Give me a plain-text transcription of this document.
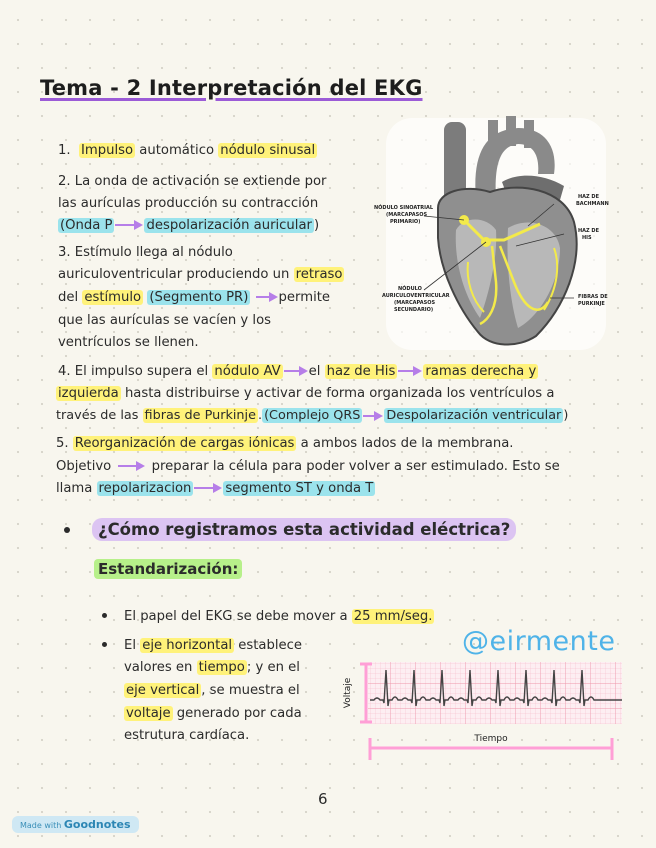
Tema - 2 Interpretación del EKG
1. Impulso automático nódulo sinusal
2. La onda de activación se extiende por
las aurículas producción su contracción
(Onda P	despolarización auricular )
3. Estímulo llega al nódulo
auriculoventricular produciendo un retraso
del estímulo (Segmento PR) permite
que las aurículas se vacíen y los
ventrículos se llenen.
4. El impulso supera el nódulo AV el haz de His ramas derecha y
izquierda hasta distribuirse y activar de forma organizada los ventrículos a
través de las fibras de Purkinje . (Complejo QRS Despolarización ventricular )
5. Reorganización de cargas iónicas a ambos lados de la membrana.
Objetivo	preparar la célula para poder volver a ser estimulado. Esto se
llama repolarizacion	segmento ST y onda T
NÓDULO SINOATRIAL (MARCAPASOS PRIMARIO)
HAZ DE BACHMANN
HAZ DE HIS
NÓDULO AURICULOVENTRICULAR (MARCAPASOS SECUNDARIO)
FIBRAS DE PURKINJE
¿Cómo registramos esta actividad eléctrica?
Estandarización:
El papel del EKG se debe mover a 25 mm/seg.
El eje horizontal establece
valores en tiempo ; y en el
eje vertical , se muestra el
voltaje generado por cada
estrutura cardíaca.
@eirmente
Voltaje
Tiempo
6
Made with Goodnotes
